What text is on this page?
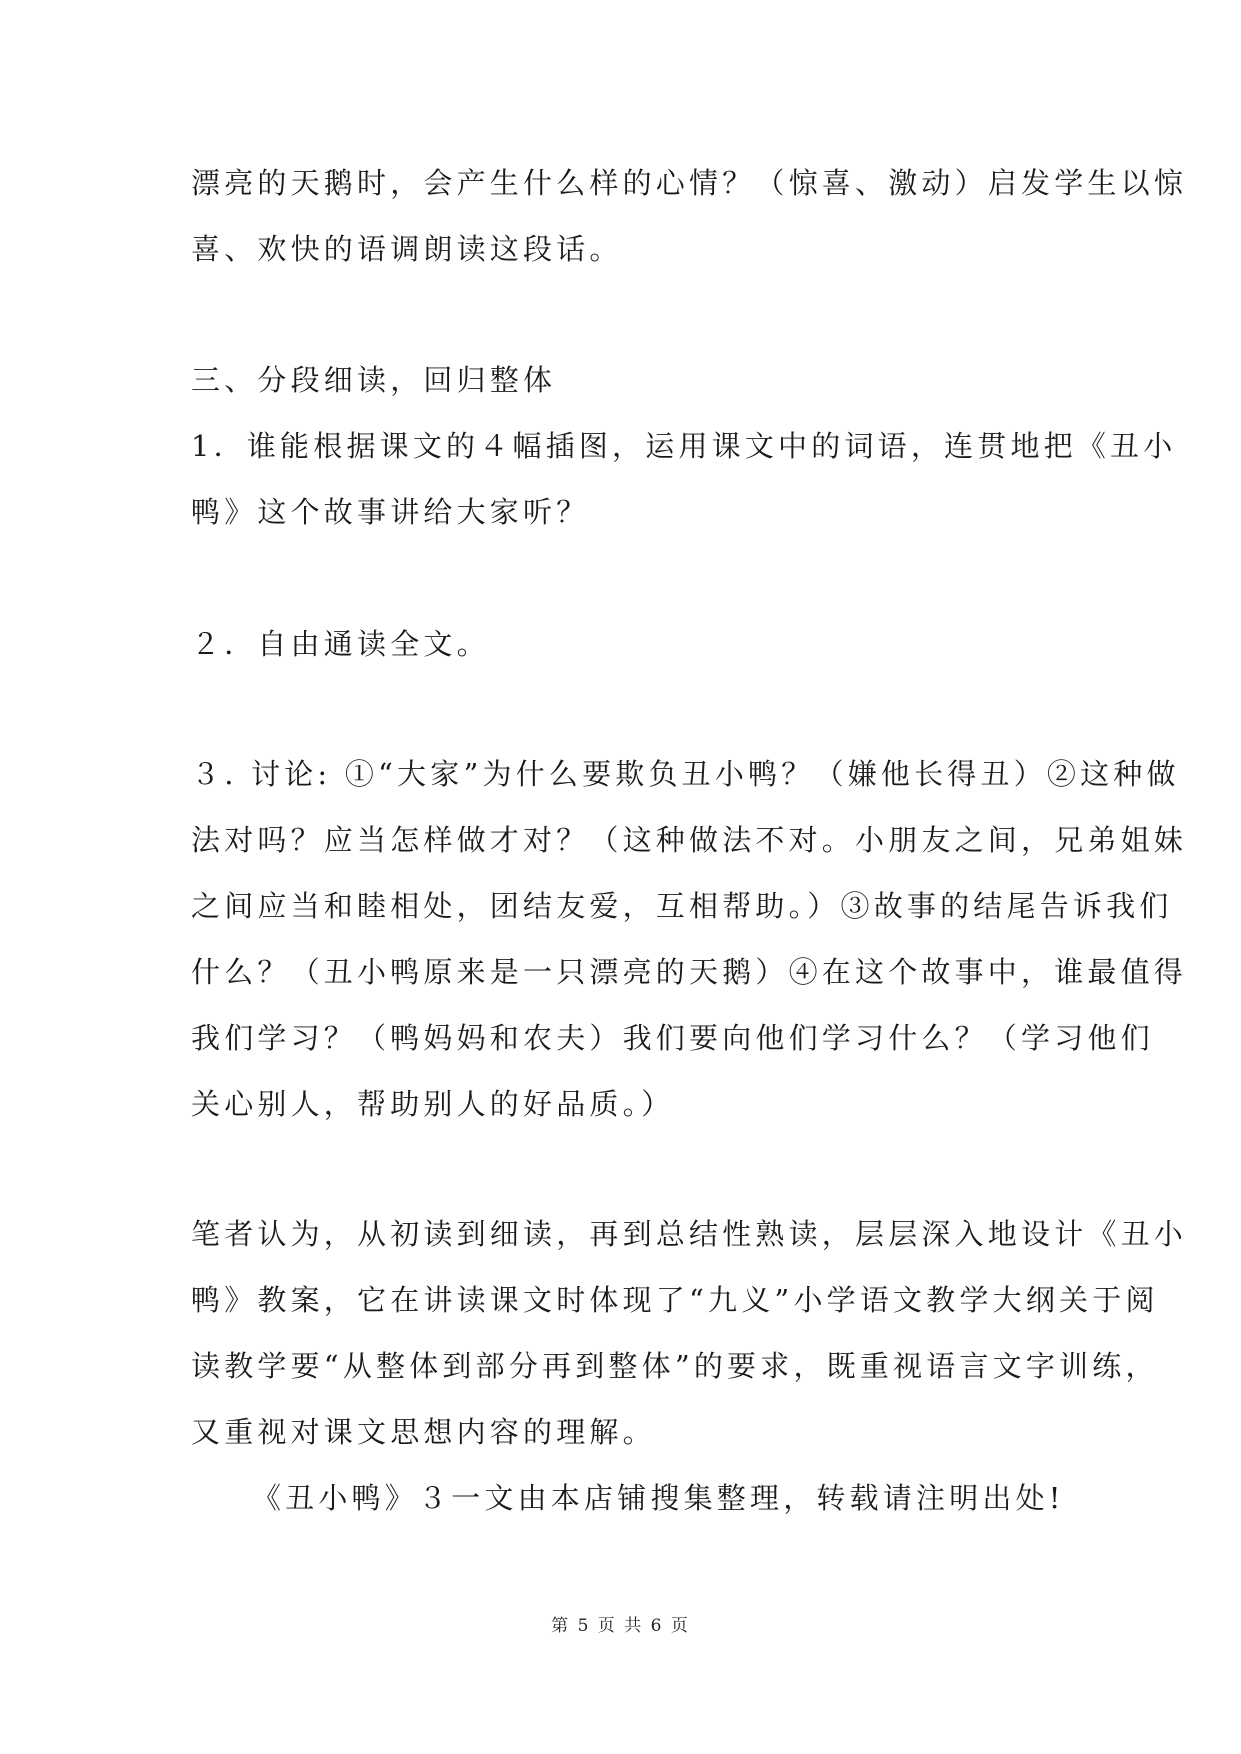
漂亮的天鹅时，会产生什么样的心情？（惊喜、激动）启发学生以惊
喜、欢快的语调朗读这段话。
三、分段细读，回归整体
1．谁能根据课文的４幅插图，运用课文中的词语，连贯地把《丑小
鸭》这个故事讲给大家听？
２．自由通读全文。
３. 讨论: ①“大家”为什么要欺负丑小鸭？（嫌他长得丑）②这种做
法对吗？应当怎样做才对？（这种做法不对。小朋友之间，兄弟姐妹
之间应当和睦相处，团结友爱，互相帮助。）③故事的结尾告诉我们
什么？（丑小鸭原来是一只漂亮的天鹅）④在这个故事中，谁最值得
我们学习？（鸭妈妈和农夫）我们要向他们学习什么？（学习他们
关心别人，帮助别人的好品质。）
笔者认为，从初读到细读，再到总结性熟读，层层深入地设计《丑小
鸭》教案，它在讲读课文时体现了“九义”小学语文教学大纲关于阅
读教学要“从整体到部分再到整体”的要求，既重视语言文字训练，
又重视对课文思想内容的理解。
《丑小鸭》３一文由本店铺搜集整理，转载请注明出处!
第 5 页 共 6 页
